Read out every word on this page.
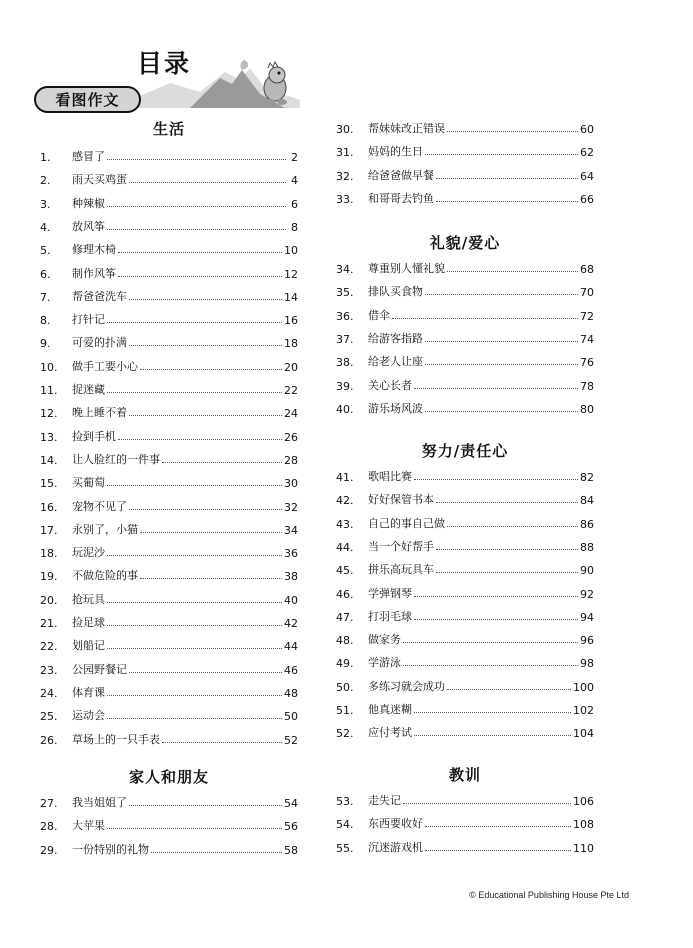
目录
看图作文
生活
家人和朋友
礼貌/爱心
努力/责任心
教训
1.	感冒了	2
2.	雨天买鸡蛋	4
3.	种辣椒	6
4.	放风筝	8
5.	修理木椅	10
6.	制作风筝	12
7.	帮爸爸洗车	14
8.	打针记	16
9.	可爱的扑满	18
10.	做手工要小心	20
11.	捉迷藏	22
12.	晚上睡不着	24
13.	捡到手机	26
14.	让人脸红的一件事	28
15.	买葡萄	30
16.	宠物不见了	32
17.	永别了，小猫	34
18.	玩泥沙	36
19.	不做危险的事	38
20.	抢玩具	40
21.	捡足球	42
22.	划船记	44
23.	公园野餐记	46
24.	体育课	48
25.	运动会	50
26.	草场上的一只手表	52
27.	我当姐姐了	54
28.	大苹果	56
29.	一份特别的礼物	58
30.	帮妹妹改正错误	60
31.	妈妈的生日	62
32.	给爸爸做早餐	64
33.	和哥哥去钓鱼	66
34.	尊重别人懂礼貌	68
35.	排队买食物	70
36.	借伞	72
37.	给游客指路	74
38.	给老人让座	76
39.	关心长者	78
40.	游乐场风波	80
41.	歌唱比赛	82
42.	好好保管书本	84
43.	自己的事自己做	86
44.	当一个好帮手	88
45.	拼乐高玩具车	90
46.	学弹钢琴	92
47.	打羽毛球	94
48.	做家务	96
49.	学游泳	98
50.	多练习就会成功	100
51.	他真迷糊	102
52.	应付考试	104
53.	走失记	106
54.	东西要收好	108
55.	沉迷游戏机	110
© Educational Publishing House Pte Ltd
